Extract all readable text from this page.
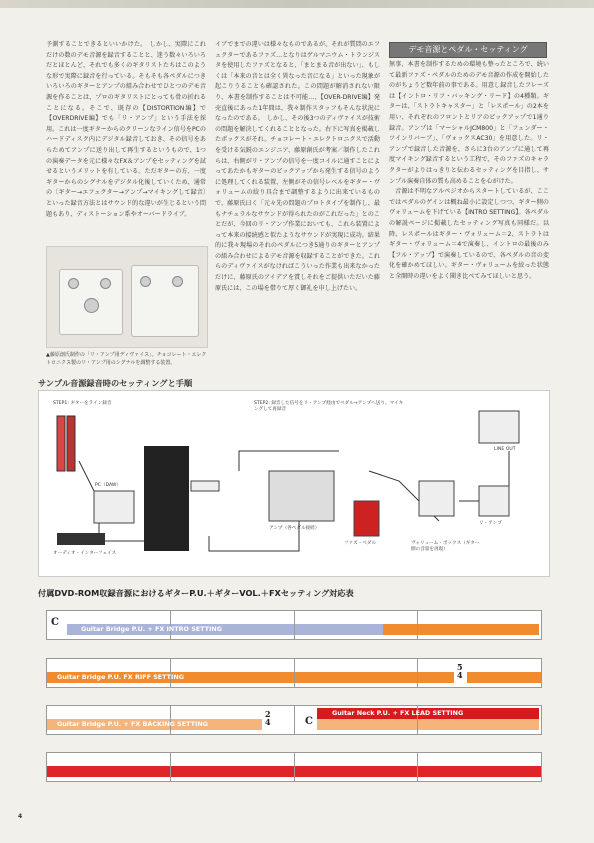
予測することできるといいかけた。　しかし、実際にこれだけの数のデモ音源を録音することと、迷う数々いろいろだとほとんど、それでも多くのギタリストたちはこのような形で実際に録音を行っている。そもそも各ペダルにつきいろいろのギターとアンプの組み合わせでひとつのデモ音源を作ることは、プロのギタリストにとっても骨の折れることになる。そこで、既存の【DISTORTION編】で【OVERDRIVE編】でも「リ・アンプ」という手法を採用。これは一度ギターからのクリーンなライン信号をPCのハードディスク内にデジタル録音しておき、その信号をあらためてアンプに送り出して再生するというもので、1つの演奏データを元に様々なFX＆アンプをセッティングを試せるというメリットを有している。ただギターの方、一度ギターからのシグナルをデジタル化後していくため、通常の〔ギター→エフェクター→アンプ→マイキングして録音〕といった録音方法とはサウンド的な違いが生じるという問題もあり、ディストーション系やオーバードライブ。

イブでまでの違いは様々なものであるが、それが質問のエフェクターであるファズ…となりはゲルマニウム・トランジスタを使用したファズとなると、「まとまる音が出ない」、もしくは「本来の音とは全く異なった音になる」といった現象が起こりうることも確認された。この問題が解消されない限り、本書を制作することは不可能…、【OVER-DRIVE編】発売直後にあった1年間は、我々制作スタッフもそんな状況になったのである。　しかし、その後3つのディヴァイスが技術の問題を解決してくれることとなった。右下に写真を掲載したボックスがそれ。チョコレート・エレクトロニクスで活動を受ける気鋭のエンジニア、藤原創氏が考案／制作したこれらは、右側がリ・アンプの信号を一度コイルに通すことによってあたかもギターのピックアップから発生する信号のように処理してくれる装置、左側がその信号レベルをギター・ヴォリュームの絞り具合まで調整するように出来ているもので、藤原氏曰く「元々先の問題のプロトタイプを制作し、最もナチュラルなサウンドが得られたのがこれだった」とのことだが、今回のリ・アンプ作業においても、これら装置によって本来の接続感と似たようなサウンドが実現に成功。結果的に我々現場のそれのペダルにつき5通りのギターとアンプの組み合わせによるデモ音源を収録することができた。これらのディヴァイスがなければこういった作業も出来なかっただけに、藤原氏のアイデアを賞しそれをご提供いただいた藤原氏には、この場を借りて厚く御礼を申し上げたい。

デモ音源とペダル・セッティング

無事、本書を制作するための環境も整ったところで、続いて最新ファズ・ペダルのためのデモ音源の作成を開始したのがちょうど数年前の事である。用意し録音したフレーズは【イントロ・リフ・バッキング・リード】の4種類。ギターは、「ストラトキャスター」と「レスポール」の2本を用い、それぞれのフロントとリアのピックアップで1通り録音。アンプは「マーシャルJCM800」と「フェンダー・ツインリバーブ」、「ヴォックスAC30」を用意した。リ・アンプで録音した音源を、さらに3台のアンプに通して再度マイキング録音するという工程で、そのファズのキャラクターがよりはっきりと伝わるセッティングを目指し、サンプル演奏自体の質も高めることを心がけた。

　音源は不明なアルペジオからスタートしているが、ここではペダルのゲインは概ね最小に設定しつつ、ギター側のヴォリュームを下げている【INTRO SETTING】。各ペダルの解説ページに掲載したセッティング写真も同様だ。以降、レスポールはギター・ヴォリューム＝2、ストラトはギター・ヴォリューム＝4で演奏し、イントロの最後のみ【フル・アップ】で演奏しているので、各ペダルの音の変化を確かめてほしい。ギター・ヴォリュームを絞った状態と全開時の違いをよく聞き比べてみてほしいと思う。

▲藤原創氏制作の「リ・アンプ用ディヴァイス」。チョコレート・エレクトロニクス製のリ・アンプ用のシグナルを調整する装置。
サンプル音源録音時のセッティングと手順
STEP1: ギターをライン録音	STEP2: 録音した信号をリ・アンプ経由でペダル→アンプへ送り、マイキングして再録音
オーディオ・インターフェイス
PC（DAW）
アンプ（各ペダル接続）
ファズ・ペダル	ヴォリューム・ボックス（ギター側の音量を再現）
リ・アンプ
LINE OUT
付属DVD-ROM収録音源におけるギターP.U.＋ギターVOL.＋FXセッティング対応表
C
Guitar Bridge P.U. + FX INTRO SETTING
5
4
Guitar Bridge P.U. FX RIFF SETTING
2
4	C
Guitar Bridge P.U. + FX BACKING SETTING
Guitar Neck P.U. + FX LEAD SETTING
4
